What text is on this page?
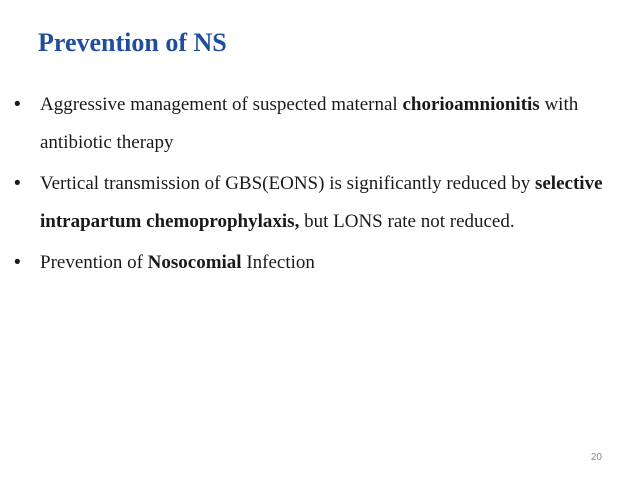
Prevention of NS
• Aggressive management of suspected maternal chorioamnionitis with antibiotic therapy
• Vertical transmission of GBS(EONS) is significantly reduced by selective intrapartum chemoprophylaxis, but LONS rate not reduced.
• Prevention of Nosocomial Infection
20
